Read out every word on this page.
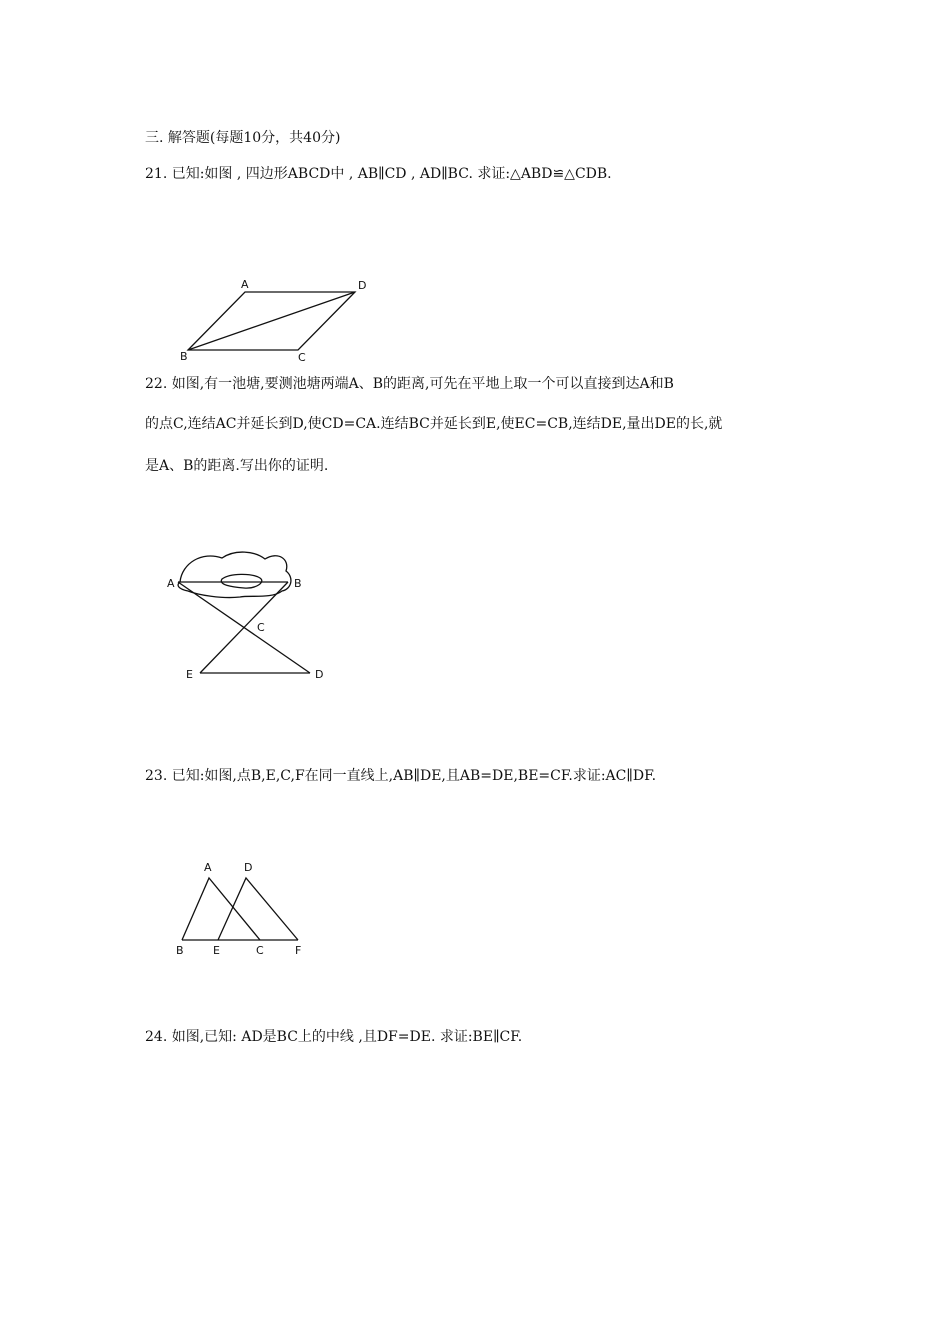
三. 解答题(每题10分，共40分)
21. 已知:如图 , 四边形ABCD中 , AB∥CD , AD∥BC. 求证:△ABD≌△CDB.
A	D
B	C
22. 如图,有一池塘,要测池塘两端A、B的距离,可先在平地上取一个可以直接到达A和B
的点C,连结AC并延长到D,使CD=CA.连结BC并延长到E,使EC=CB,连结DE,量出DE的长,就
是A、B的距离.写出你的证明.
A	B
C
E	D
23. 已知:如图,点B,E,C,F在同一直线上,AB∥DE,且AB=DE,BE=CF.求证:AC∥DF.
A	D
B	E	C	F
24. 如图,已知: AD是BC上的中线 ,且DF=DE. 求证:BE∥CF.
